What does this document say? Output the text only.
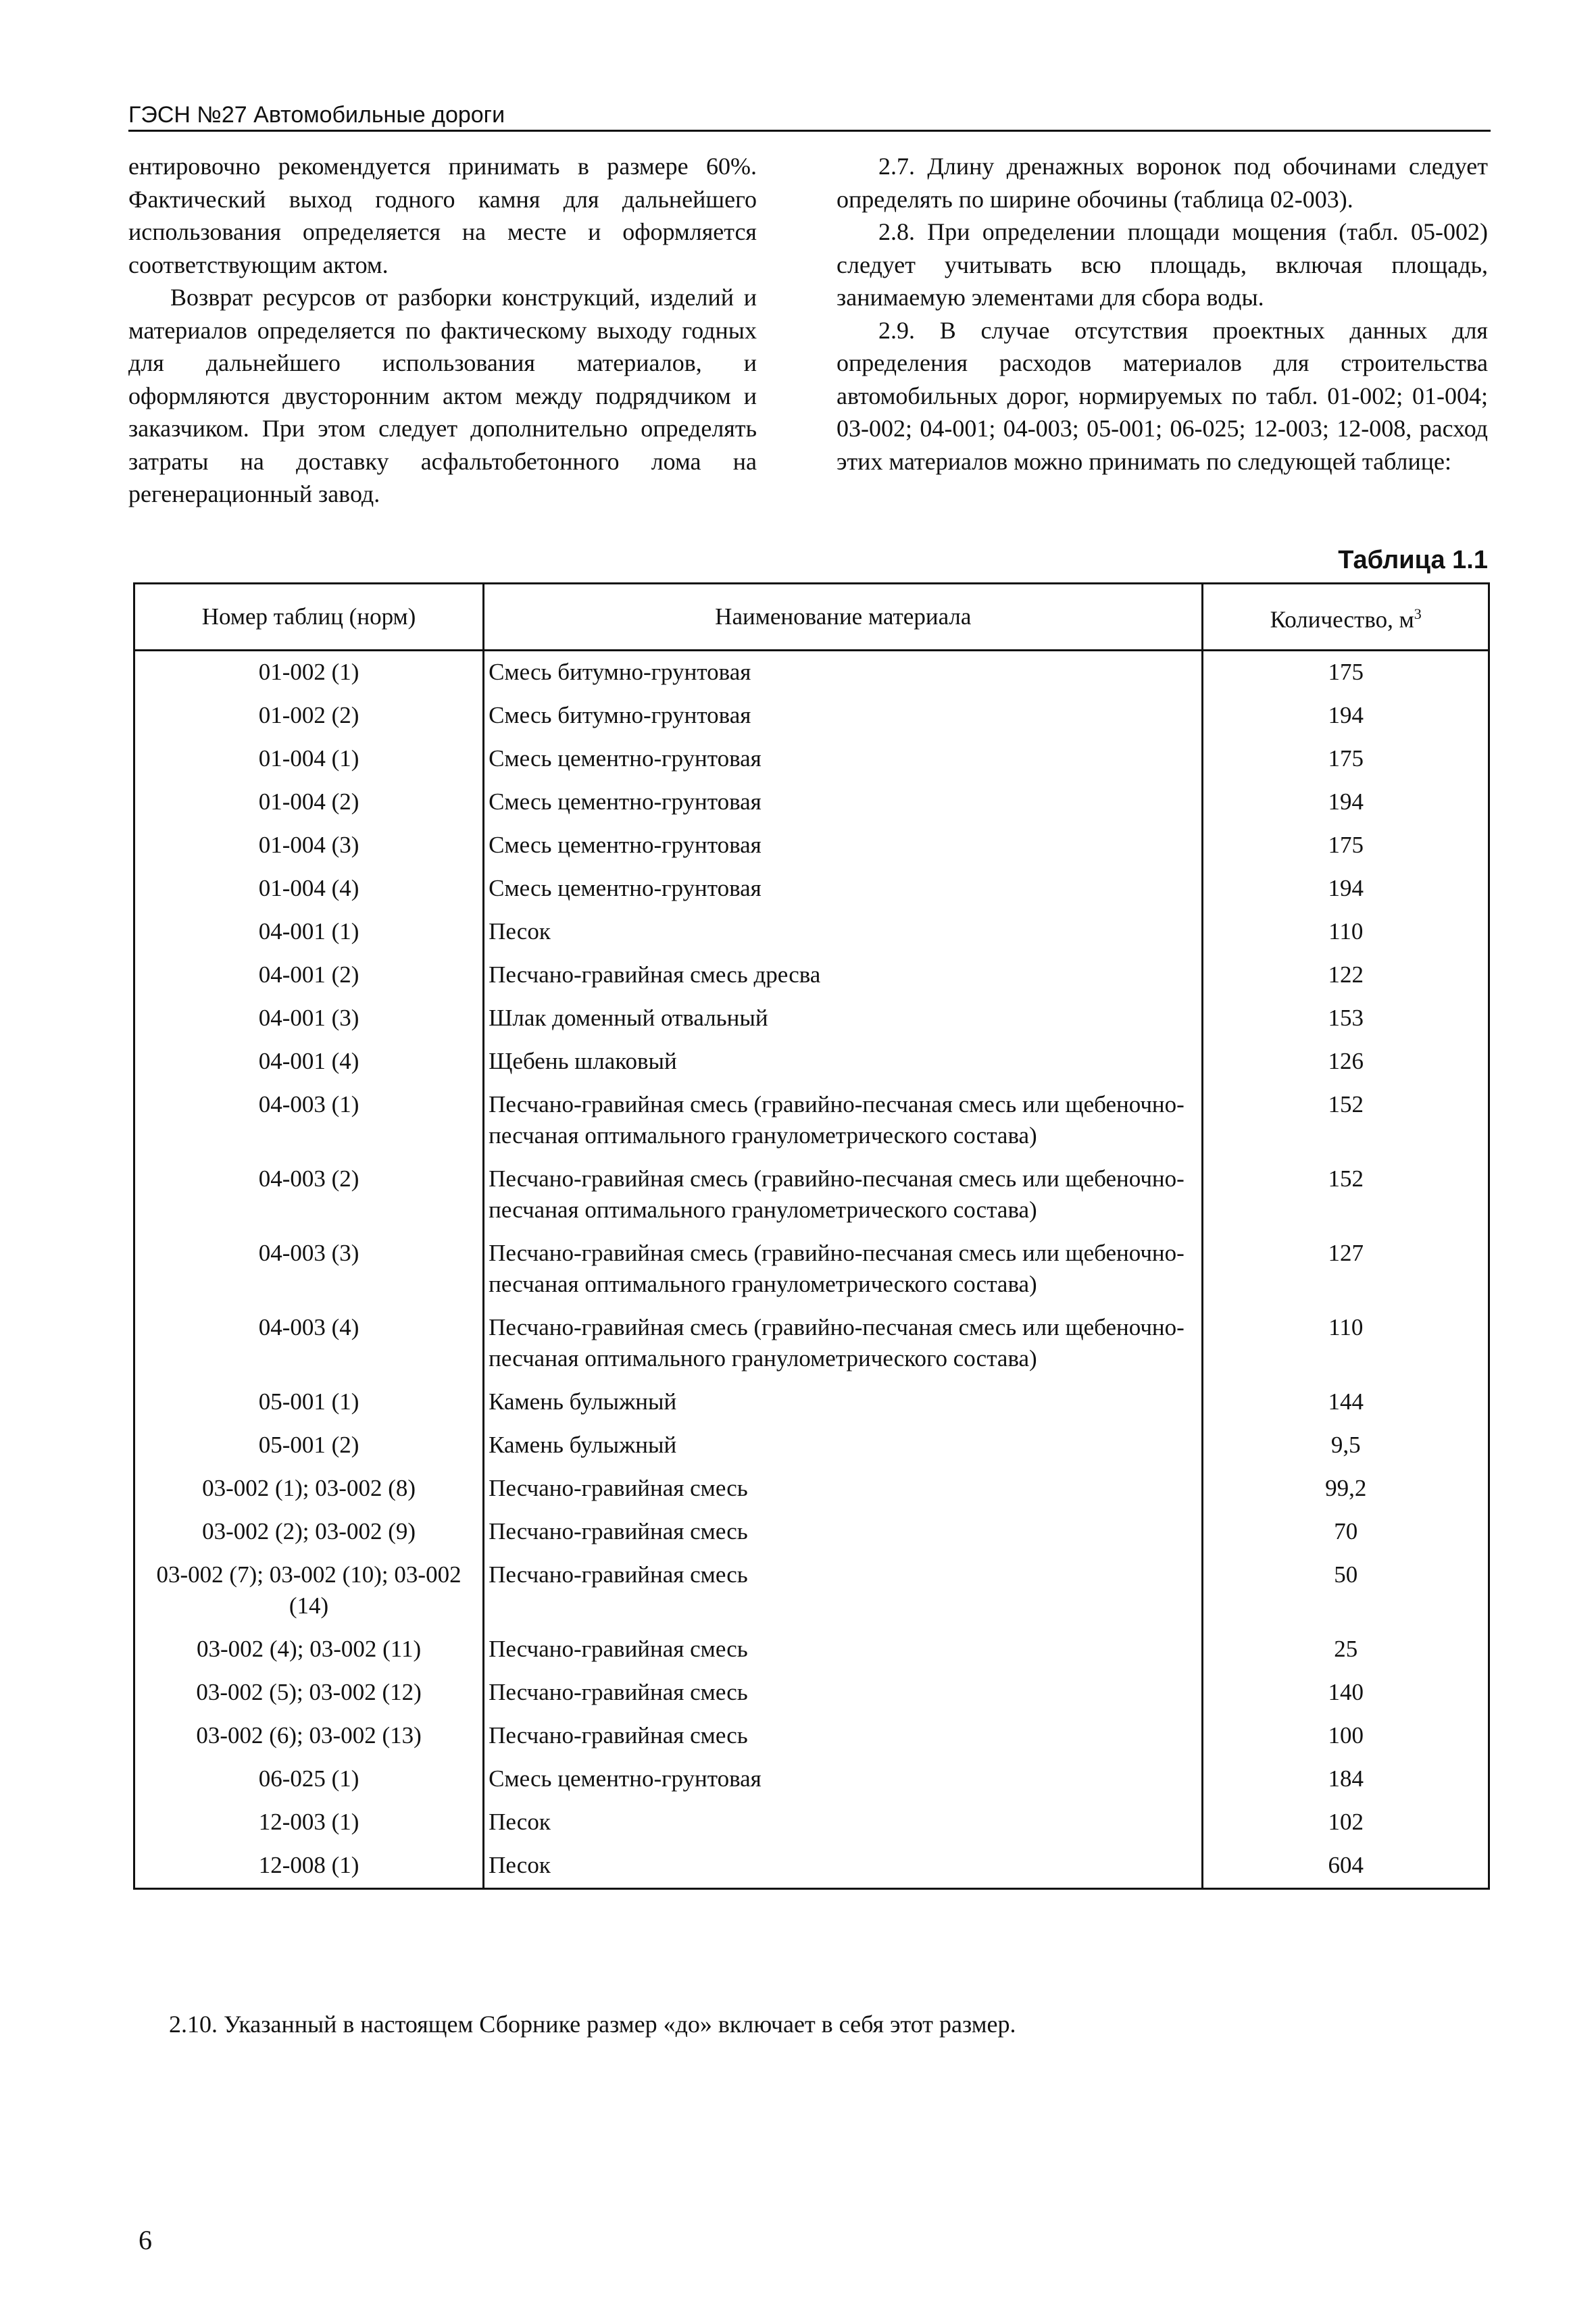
ГЭСН №27 Автомобильные дороги

ентировочно рекомендуется принимать в размере 60%. Фактический выход годного камня для дальнейшего использования определяется на месте и оформляется соответствующим актом.

Возврат ресурсов от разборки конструкций, изделий и материалов определяется по фактическому выходу годных для дальнейшего использования материалов, и оформляются двусторонним актом между подрядчиком и заказчиком. При этом следует дополнительно определять затраты на доставку асфальтобетонного лома на регенерационный завод.

2.7. Длину дренажных воронок под обочинами следует определять по ширине обочины (таблица 02-003).

2.8. При определении площади мощения (табл. 05-002) следует учитывать всю площадь, включая площадь, занимаемую элементами для сбора воды.

2.9. В случае отсутствия проектных данных для определения расходов материалов для строительства автомобильных дорог, нормируемых по табл. 01-002; 01-004; 03-002; 04-001; 04-003; 05-001; 06-025; 12-003; 12-008, расход этих материалов можно принимать по следующей таблице:

Таблица 1.1
Номер таблиц (норм)	Наименование материала	Количество, $м^3$
01-002 (1)	Смесь битумно-грунтовая	175
01-002 (2)	Смесь битумно-грунтовая	194
01-004 (1)	Смесь цементно-грунтовая	175
01-004 (2)	Смесь цементно-грунтовая	194
01-004 (3)	Смесь цементно-грунтовая	175
01-004 (4)	Смесь цементно-грунтовая	194
04-001 (1)	Песок	110
04-001 (2)	Песчано-гравийная смесь дресва	122
04-001 (3)	Шлак доменный отвальный	153
04-001 (4)	Щебень шлаковый	126
04-003 (1)	Песчано-гравийная смесь (гравийно-песчаная смесь или щебеночно-песчаная оптимального гранулометрического состава)	152
04-003 (2)	Песчано-гравийная смесь (гравийно-песчаная смесь или щебеночно-песчаная оптимального гранулометрического состава)	152
04-003 (3)	Песчано-гравийная смесь (гравийно-песчаная смесь или щебеночно-песчаная оптимального гранулометрического состава)	127
04-003 (4)	Песчано-гравийная смесь (гравийно-песчаная смесь или щебеночно-песчаная оптимального гранулометрического состава)	110
05-001 (1)	Камень булыжный	144
05-001 (2)	Камень булыжный	9,5
03-002 (1); 03-002 (8)	Песчано-гравийная смесь	99,2
03-002 (2); 03-002 (9)	Песчано-гравийная смесь	70
03-002 (7); 03-002 (10); 03-002 (14)	Песчано-гравийная смесь	50
03-002 (4); 03-002 (11)	Песчано-гравийная смесь	25
03-002 (5); 03-002 (12)	Песчано-гравийная смесь	140
03-002 (6); 03-002 (13)	Песчано-гравийная смесь	100
06-025 (1)	Смесь цементно-грунтовая	184
12-003 (1)	Песок	102
12-008 (1)	Песок	604
2.10. Указанный в настоящем Сборнике размер «до» включает в себя этот размер.
6
